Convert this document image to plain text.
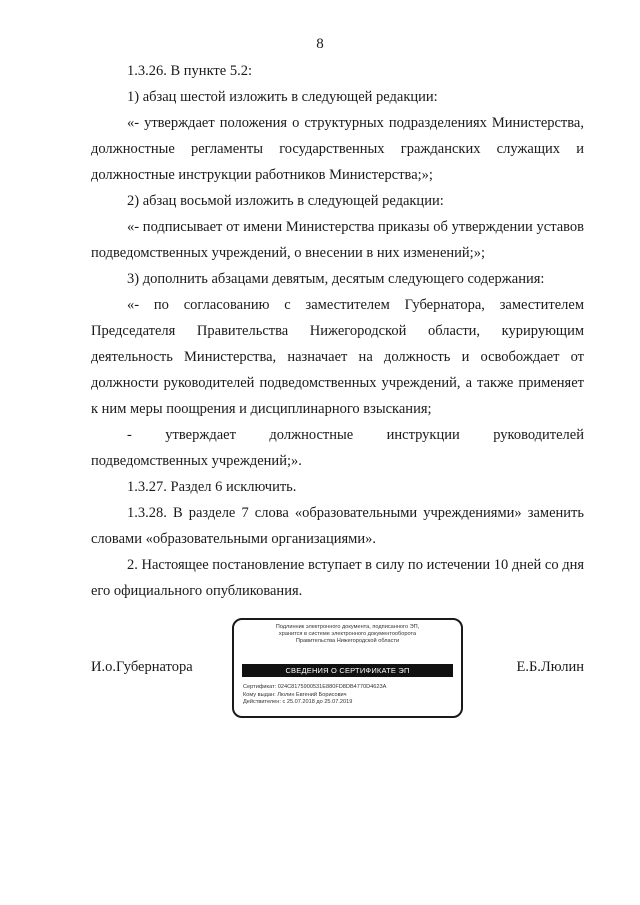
8

1.3.26. В пункте 5.2:

1) абзац шестой изложить в следующей редакции:

«- утверждает положения о структурных подразделениях Министерства, должностные регламенты государственных гражданских служащих и должностные инструкции работников Министерства;»;

2) абзац восьмой изложить в следующей редакции:

«- подписывает от имени Министерства приказы об утверждении уставов подведомственных учреждений, о внесении в них изменений;»;

3) дополнить абзацами девятым, десятым следующего содержания:

«- по согласованию с заместителем Губернатора, заместителем Председателя Правительства Нижегородской области, курирующим деятельность Министерства, назначает на должность и освобождает от должности руководителей подведомственных учреждений, а также применяет к ним меры поощрения и дисциплинарного взыскания;

- утверждает должностные инструкции руководителей подведомственных учреждений;».

1.3.27. Раздел 6 исключить.

1.3.28. В разделе 7 слова «образовательными учреждениями» заменить словами «образовательными организациями».

2. Настоящее постановление вступает в силу по истечении 10 дней со дня его официального опубликования.

И.о.Губернатора
Подлинник электронного документа, подписанного ЭП,
хранится в системе электронного документооборота
Правительства Нижегородской области
СВЕДЕНИЯ О СЕРТИФИКАТЕ ЭП
Сертификат: 024C8175900531E880FD8DB4770D4623A
Кому выдан: Люлин Евгений Борисович
Действителен: с 25.07.2018 до 25.07.2019
Е.Б.Люлин
